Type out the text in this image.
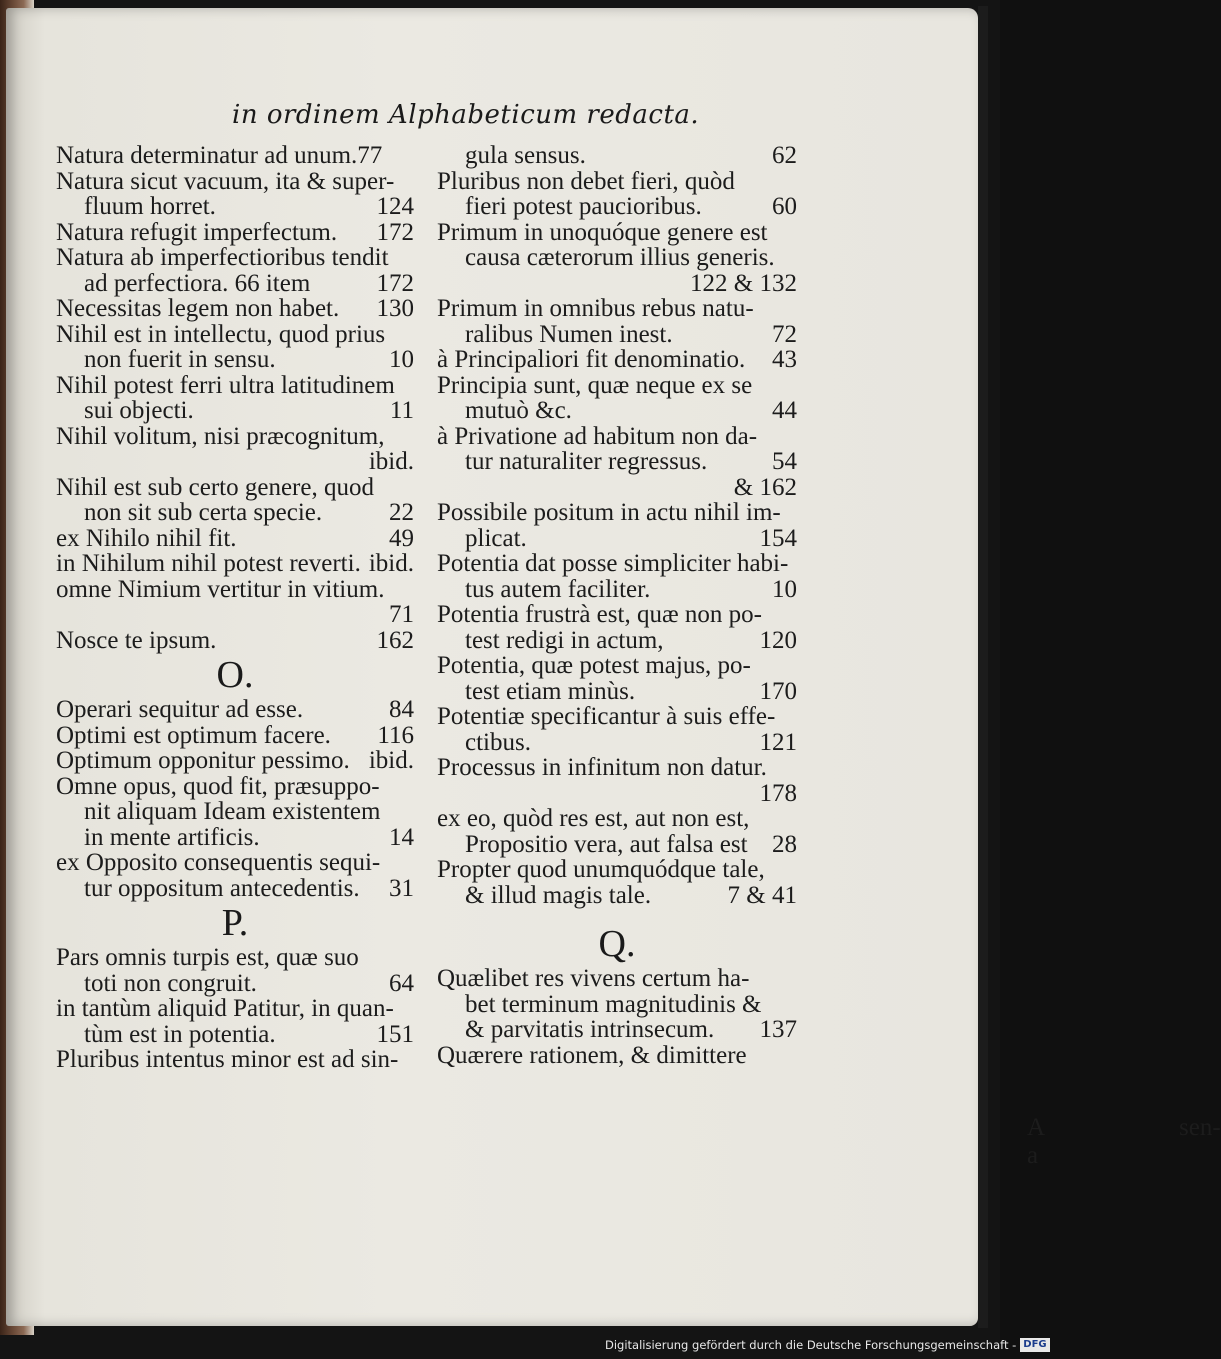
in ordinem Alphabeticum redacta.
Natura determinatur ad unum.77
Natura sicut vacuum, ita & super-
fluum horret.	124
Natura refugit imperfectum. 172
Natura ab imperfectioribus tendit
ad perfectiora. 66 item	172
Necessitas legem non habet. 130
Nihil est in intellectu, quod prius
non fuerit in sensu.	10
Nihil potest ferri ultra latitudinem
sui objecti.	11
Nihil volitum, nisi præcognitum,
ibid.
Nihil est sub certo genere, quod
non sit sub certa specie.	22
ex Nihilo nihil fit.	49
in Nihilum nihil potest reverti. ibid.
omne Nimium vertitur in vitium.
71
Nosce te ipsum.	162
O.
Operari sequitur ad esse.	84
Optimi est optimum facere. 116
Optimum opponitur pessimo. ibid.
Omne opus, quod fit, præsuppo-
nit aliquam Ideam existentem
in mente artificis.	14
ex Opposito consequentis sequi-
tur oppositum antecedentis. 31
P.
Pars omnis turpis est, quæ suo
toti non congruit.	64
in tantùm aliquid Patitur, in quan-
tùm est in potentia.	151
Pluribus intentus minor est ad sin-
gula sensus.	62
Pluribus non debet fieri, quòd
fieri potest paucioribus.	60
Primum in unoquóque genere est
causa cæterorum illius generis.
122 & 132
Primum in omnibus rebus natu-
ralibus Numen inest.	72
à Principaliori fit denominatio. 43
Principia sunt, quæ neque ex se
mutuò &c.	44
à Privatione ad habitum non da-
tur naturaliter regressus.	54
& 162
Possibile positum in actu nihil im-
plicat.	154
Potentia dat posse simpliciter habi-
tus autem faciliter.	10
Potentia frustrà est, quæ non po-
test redigi in actum,	120
Potentia, quæ potest majus, po-
test etiam minùs.	170
Potentiæ specificantur à suis effe-
ctibus.	121
Processus in infinitum non datur.
178
ex eo, quòd res est, aut non est,
Propositio vera, aut falsa est 28
Propter quod unumquódque tale,
& illud magis tale.	7 & 41
Q.
Quælibet res vivens certum ha-
bet terminum magnitudinis &
& parvitatis intrinsecum. 137
Quærere rationem, & dimittere
A a
sen-
Digitalisierung gefördert durch die Deutsche Forschungsgemeinschaft - DFG
